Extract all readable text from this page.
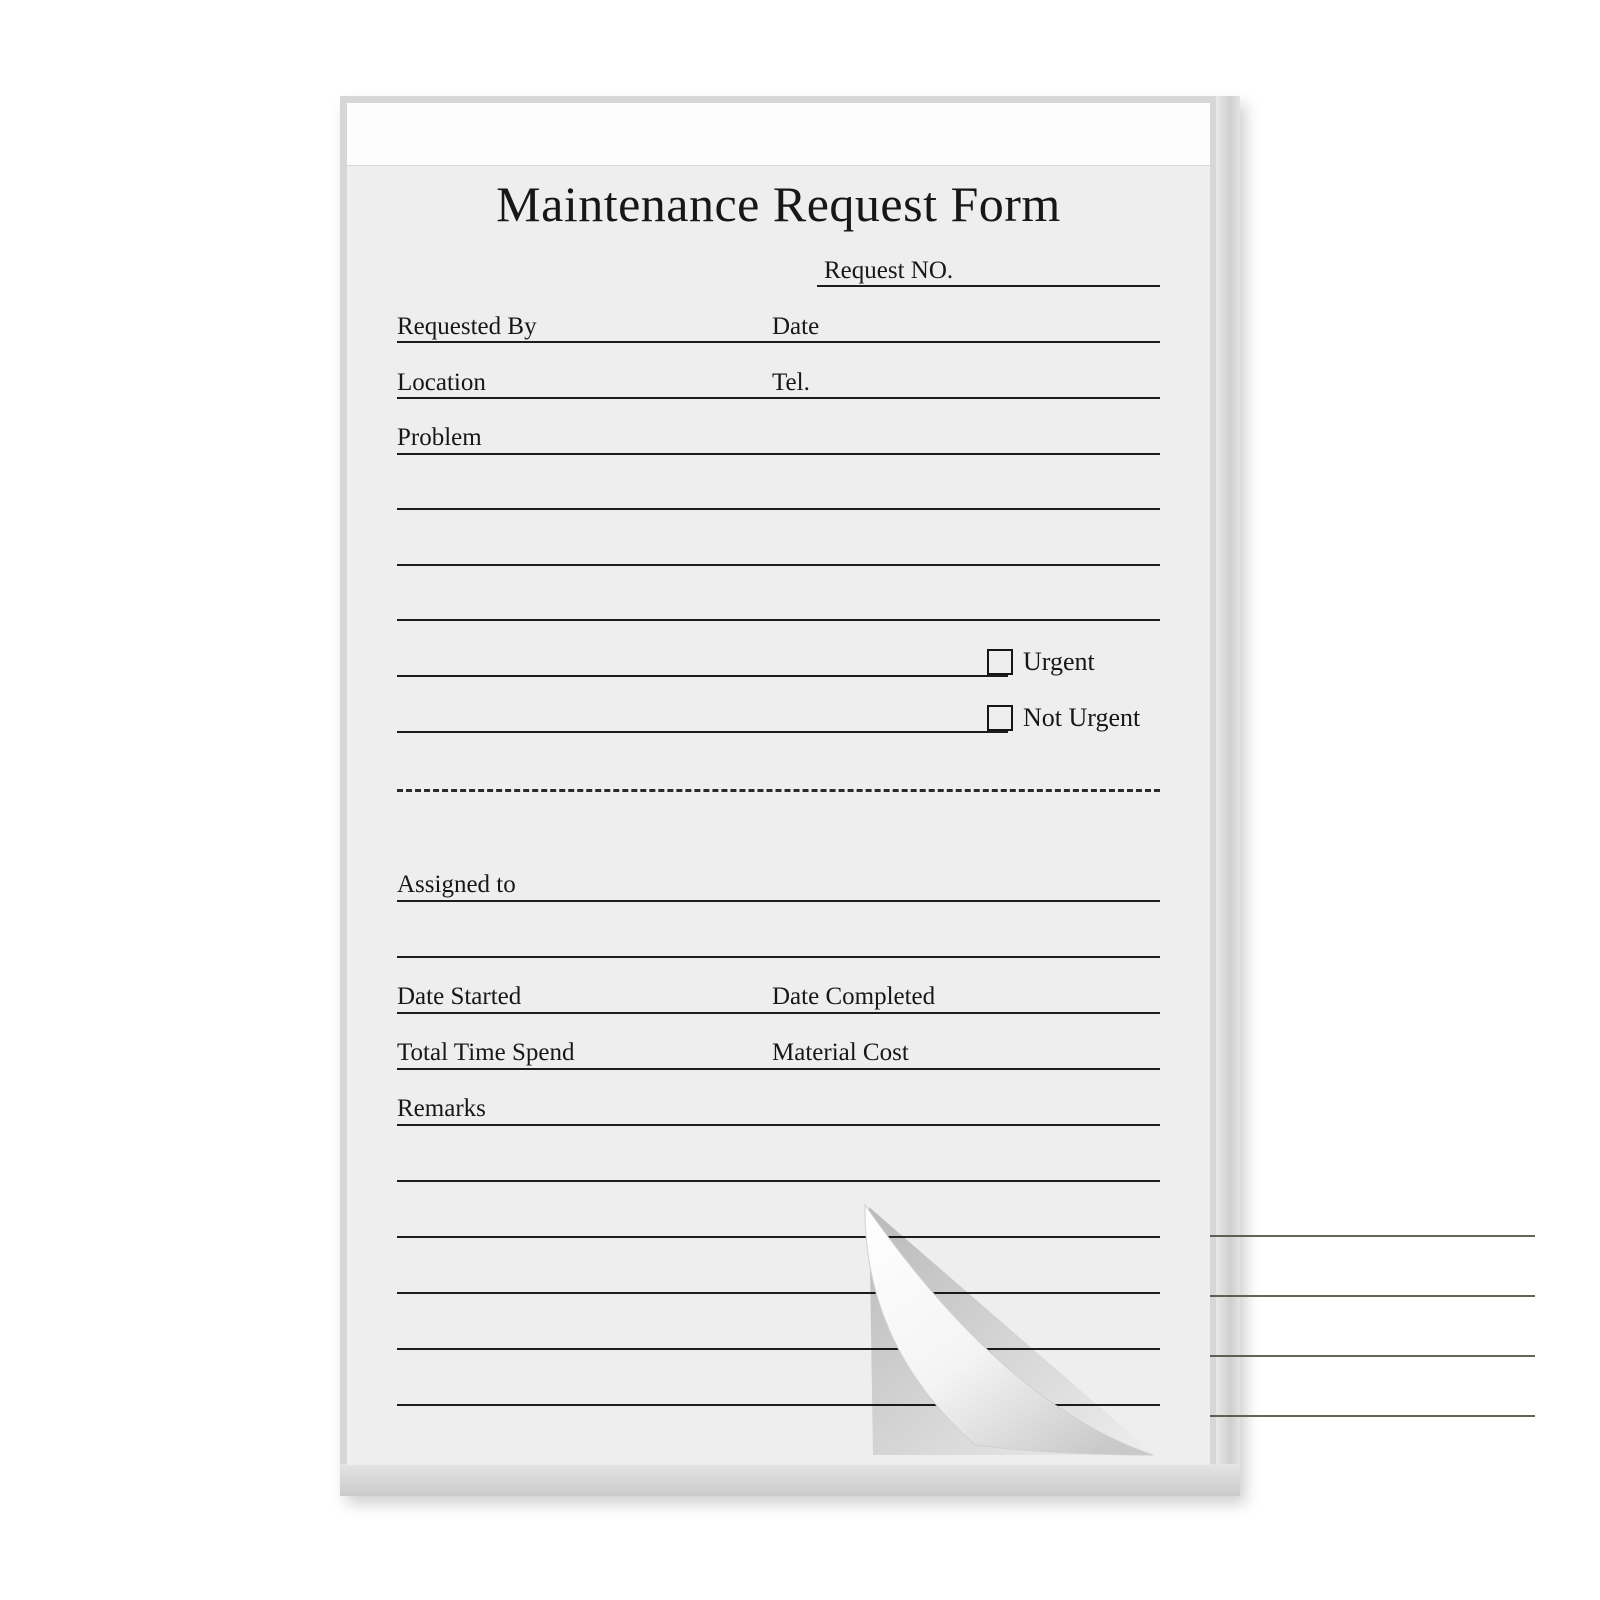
Maintenance Request Form
Request NO.
Requested By	Date
Location	Tel.
Problem
Urgent
Not Urgent
Assigned to
Date Started	Date Completed
Total Time Spend	Material Cost
Remarks
